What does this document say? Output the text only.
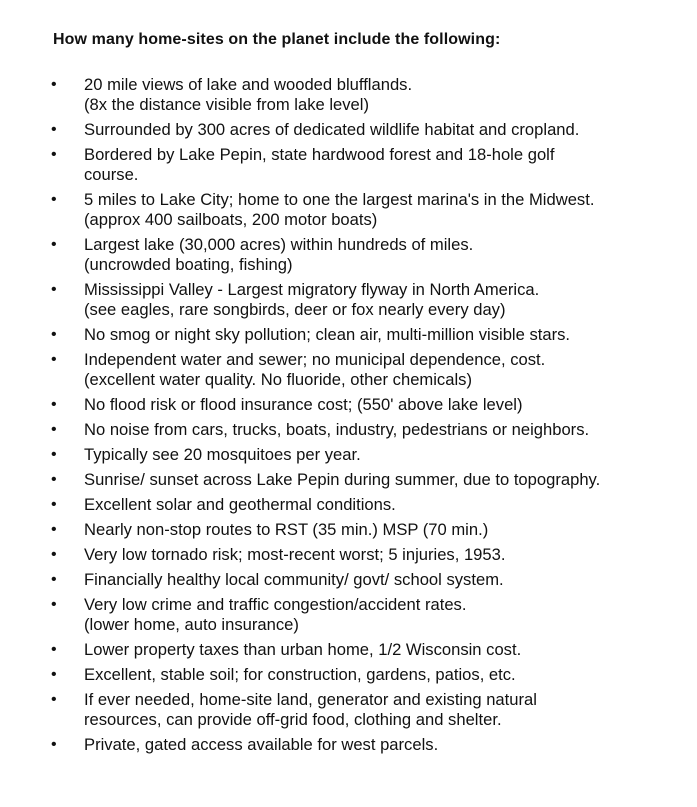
How many home-sites on the planet include the following:
• 20 mile views of lake and wooded blufflands.
(8x the distance visible from lake level)
• Surrounded by 300 acres of dedicated wildlife habitat and cropland.
• Bordered by Lake Pepin, state hardwood forest and 18-hole golf
course.
• 5 miles to Lake City; home to one the largest marina's in the Midwest.
(approx 400 sailboats, 200 motor boats)
• Largest lake (30,000 acres) within hundreds of miles.
(uncrowded boating, fishing)
• Mississippi Valley - Largest migratory flyway in North America.
(see eagles, rare songbirds, deer or fox nearly every day)
• No smog or night sky pollution; clean air, multi-million visible stars.
• Independent water and sewer; no municipal dependence, cost.
(excellent water quality. No fluoride, other chemicals)
• No flood risk or flood insurance cost; (550' above lake level)
• No noise from cars, trucks, boats, industry, pedestrians or neighbors.
• Typically see 20 mosquitoes per year.
• Sunrise/ sunset across Lake Pepin during summer, due to topography.
• Excellent solar and geothermal conditions.
• Nearly non-stop routes to RST (35 min.) MSP (70 min.)
• Very low tornado risk; most-recent worst; 5 injuries, 1953.
• Financially healthy local community/ govt/ school system.
• Very low crime and traffic congestion/accident rates.
(lower home, auto insurance)
• Lower property taxes than urban home, 1/2 Wisconsin cost.
• Excellent, stable soil; for construction, gardens, patios, etc.
• If ever needed, home-site land, generator and existing natural
resources, can provide off-grid food, clothing and shelter.
• Private, gated access available for west parcels.
